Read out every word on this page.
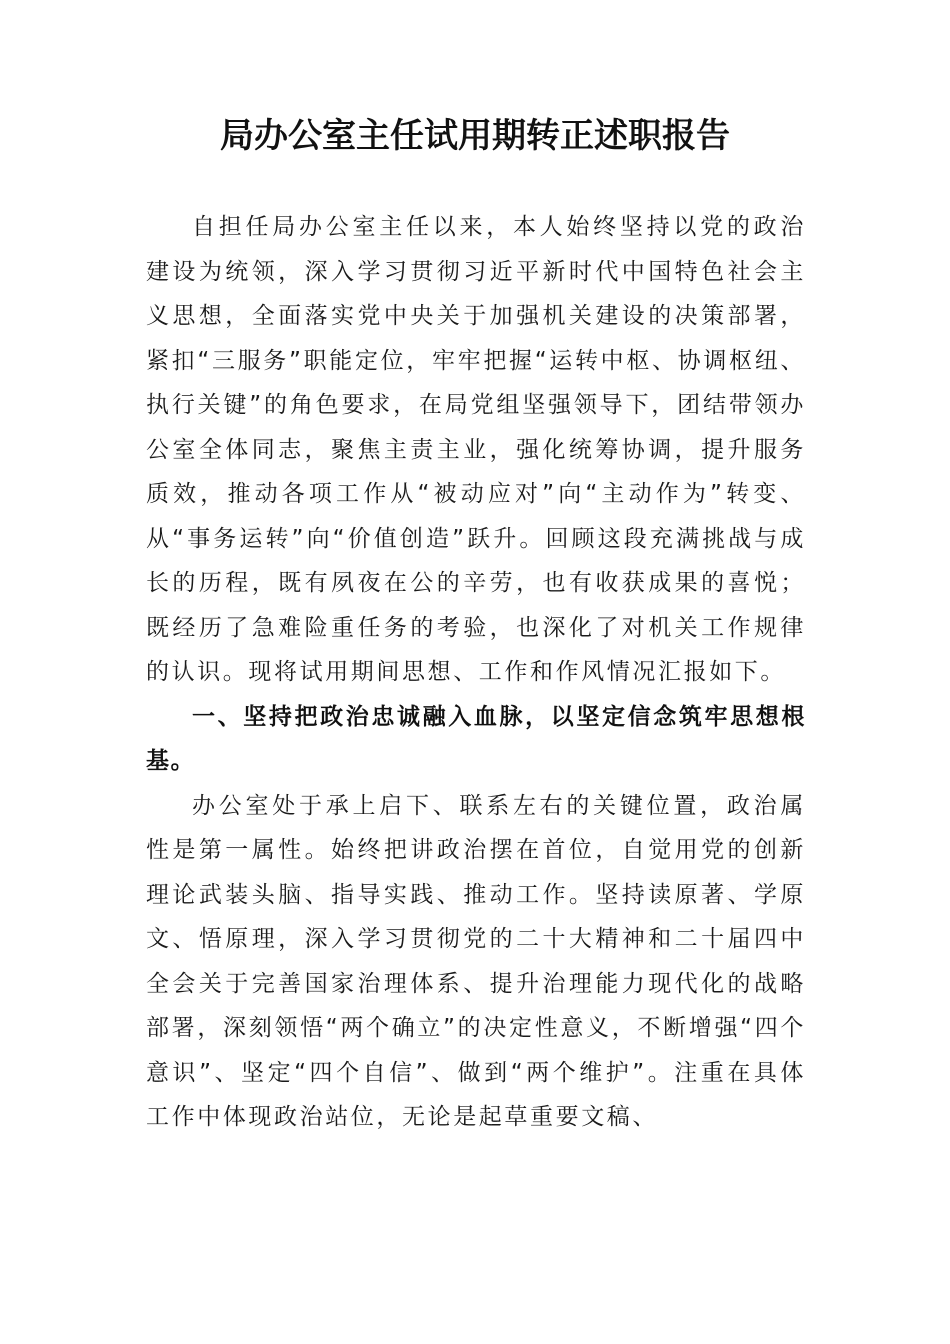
局办公室主任试用期转正述职报告

自担任局办公室主任以来，本人始终坚持以党的政治建设为统领，深入学习贯彻习近平新时代中国特色社会主义思想，全面落实党中央关于加强机关建设的决策部署，紧扣“三服务”职能定位，牢牢把握“运转中枢、协调枢纽、执行关键”的角色要求，在局党组坚强领导下，团结带领办公室全体同志，聚焦主责主业，强化统筹协调，提升服务质效，推动各项工作从“被动应对”向“主动作为”转变、从“事务运转”向“价值创造”跃升。回顾这段充满挑战与成长的历程，既有夙夜在公的辛劳，也有收获成果的喜悦；既经历了急难险重任务的考验，也深化了对机关工作规律的认识。现将试用期间思想、工作和作风情况汇报如下。

一、坚持把政治忠诚融入血脉，以坚定信念筑牢思想根基。

办公室处于承上启下、联系左右的关键位置，政治属性是第一属性。始终把讲政治摆在首位，自觉用党的创新理论武装头脑、指导实践、推动工作。坚持读原著、学原文、悟原理，深入学习贯彻党的二十大精神和二十届四中全会关于完善国家治理体系、提升治理能力现代化的战略部署，深刻领悟“两个确立”的决定性意义，不断增强“四个意识”、坚定“四个自信”、做到“两个维护”。注重在具体工作中体现政治站位，无论是起草重要文稿、
